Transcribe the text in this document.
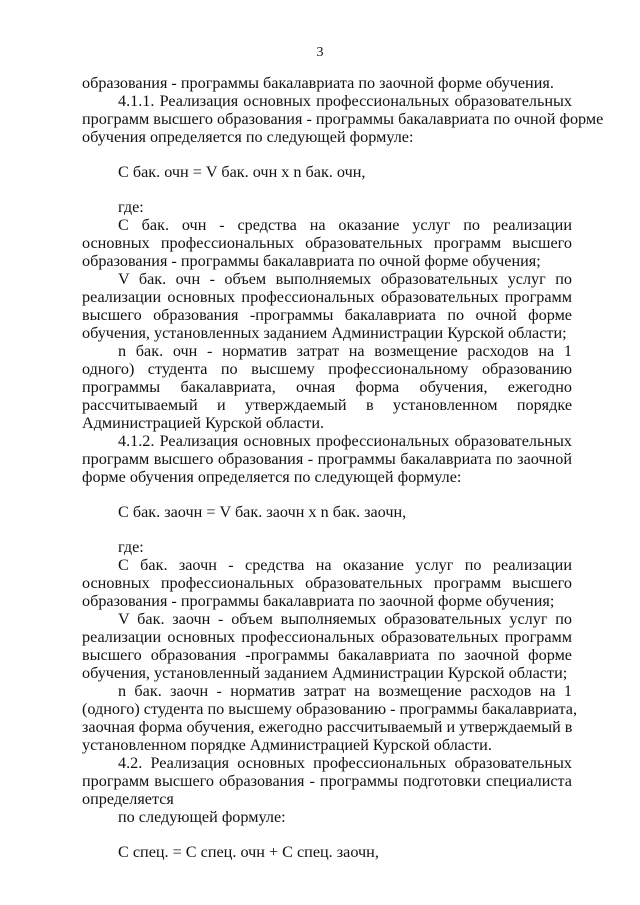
3
образования - программы бакалавриата по заочной форме обучения.
4.1.1. Реализация основных профессиональных образовательных
программ высшего образования - программы бакалавриата по очной форме
обучения определяется по следующей формуле:
С бак. очн = V бак. очн х n бак. очн,
где:
С бак. очн - средства на оказание услуг по реализации
основных профессиональных образовательных программ высшего
образования - программы бакалавриата по очной форме обучения;
V бак. очн - объем выполняемых образовательных услуг по
реализации основных профессиональных образовательных программ
высшего образования -программы бакалавриата по очной форме
обучения, установленных заданием Администрации Курской области;
n бак. очн - норматив затрат на возмещение расходов на 1
одного) студента по высшему профессиональному образованию
программы бакалавриата, очная форма обучения, ежегодно
рассчитываемый и утверждаемый в установленном порядке
Администрацией Курской области.
4.1.2. Реализация основных профессиональных образовательных
программ высшего образования - программы бакалавриата по заочной
форме обучения определяется по следующей формуле:
С бак. заочн = V бак. заочн х n бак. заочн,
где:
С бак. заочн - средства на оказание услуг по реализации
основных профессиональных образовательных программ высшего
образования - программы бакалавриата по заочной форме обучения;
V бак. заочн - объем выполняемых образовательных услуг по
реализации основных профессиональных образовательных программ
высшего образования -программы бакалавриата по заочной форме
обучения, установленный заданием Администрации Курской области;
n бак. заочн - норматив затрат на возмещение расходов на 1
(одного) студента по высшему образованию - программы бакалавриата,
заочная форма обучения, ежегодно рассчитываемый и утверждаемый в
установленном порядке Администрацией Курской области.
4.2. Реализация основных профессиональных образовательных
программ высшего образования - программы подготовки специалиста
определяется
по следующей формуле:
С спец. = С спец. очн + С спец. заочн,
